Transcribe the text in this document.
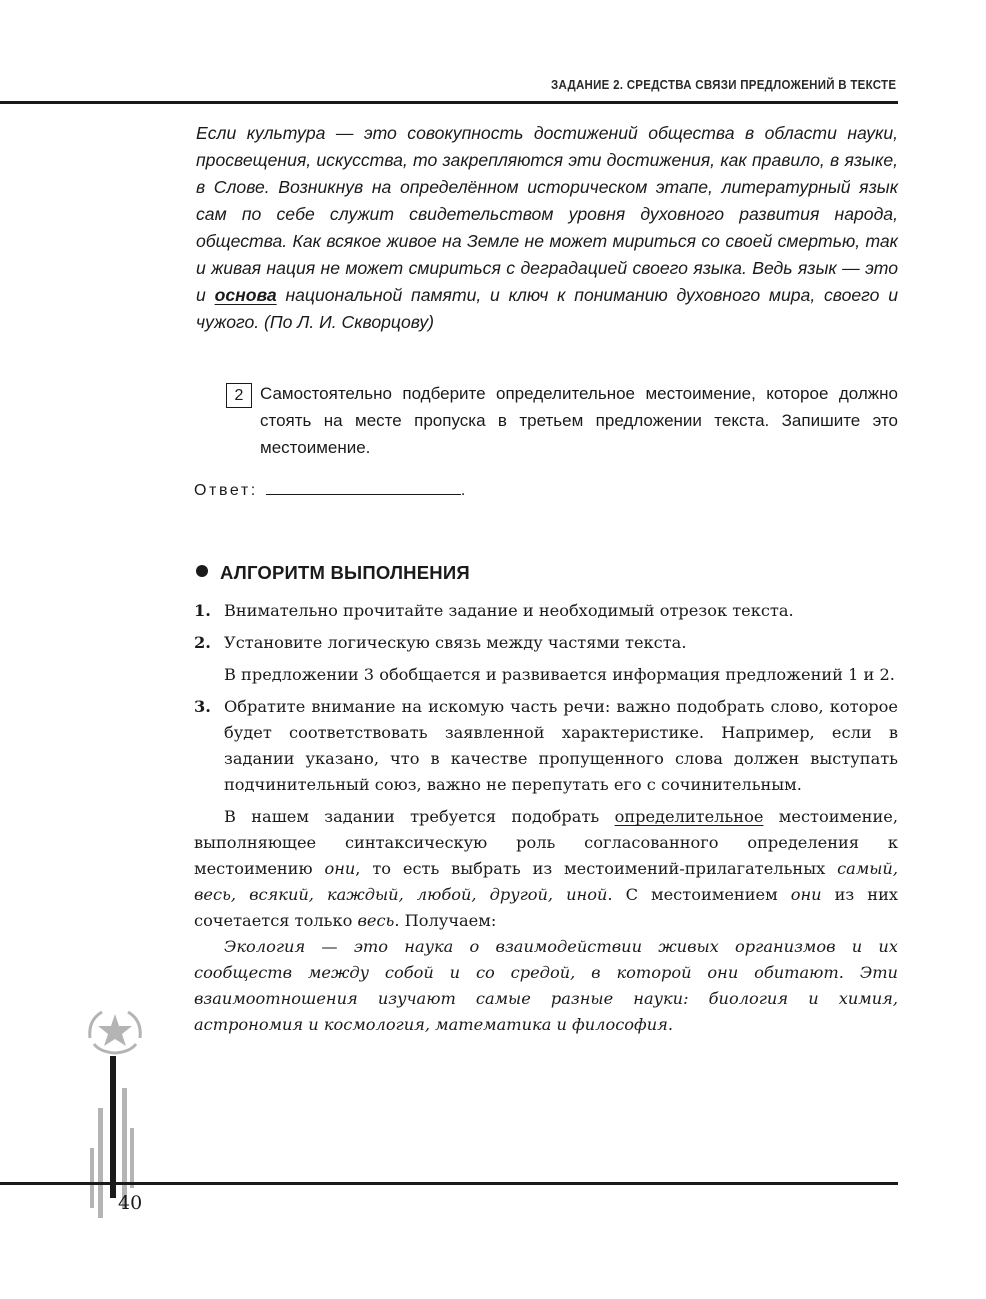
ЗАДАНИЕ 2. СРЕДСТВА СВЯЗИ ПРЕДЛОЖЕНИЙ В ТЕКСТЕ
Если культура — это совокупность достижений общества в области науки, просвещения, искусства, то закрепляются эти достижения, как правило, в языке, в Слове. Возникнув на определённом историческом этапе, литературный язык сам по себе служит свидетельством уровня духовного развития народа, общества. Как всякое живое на Земле не может мириться со своей смертью, так и живая нация не может смириться с деградацией своего языка. Ведь язык — это и основа национальной памяти, и ключ к пониманию духовного мира, своего и чужого. (По Л. И. Скворцову)
2 Самостоятельно подберите определительное местоимение, которое должно стоять на месте пропуска в третьем предложении текста. Запишите это местоимение.
Ответ:	.
АЛГОРИТМ ВЫПОЛНЕНИЯ
1. Внимательно прочитайте задание и необходимый отрезок текста.
2. Установите логическую связь между частями текста.
В предложении 3 обобщается и развивается информация предложений 1 и 2.
3. Обратите внимание на искомую часть речи: важно подобрать слово, которое будет соответствовать заявленной характеристике. Например, если в задании указано, что в качестве пропущенного слова должен выступать подчинительный союз, важно не перепутать его с сочинительным.

В нашем задании требуется подобрать определительное местоимение, выполняющее синтаксическую роль согласованного определения к местоимению они, то есть выбрать из местоимений-прилагательных самый, весь, всякий, каждый, любой, другой, иной. С местоимением они из них сочетается только весь. Получаем:

Экология — это наука о взаимодействии живых организмов и их сообществ между собой и со средой, в которой они обитают. Эти взаимоотношения изучают самые разные науки: биология и химия, астрономия и космология, математика и философия.

40
